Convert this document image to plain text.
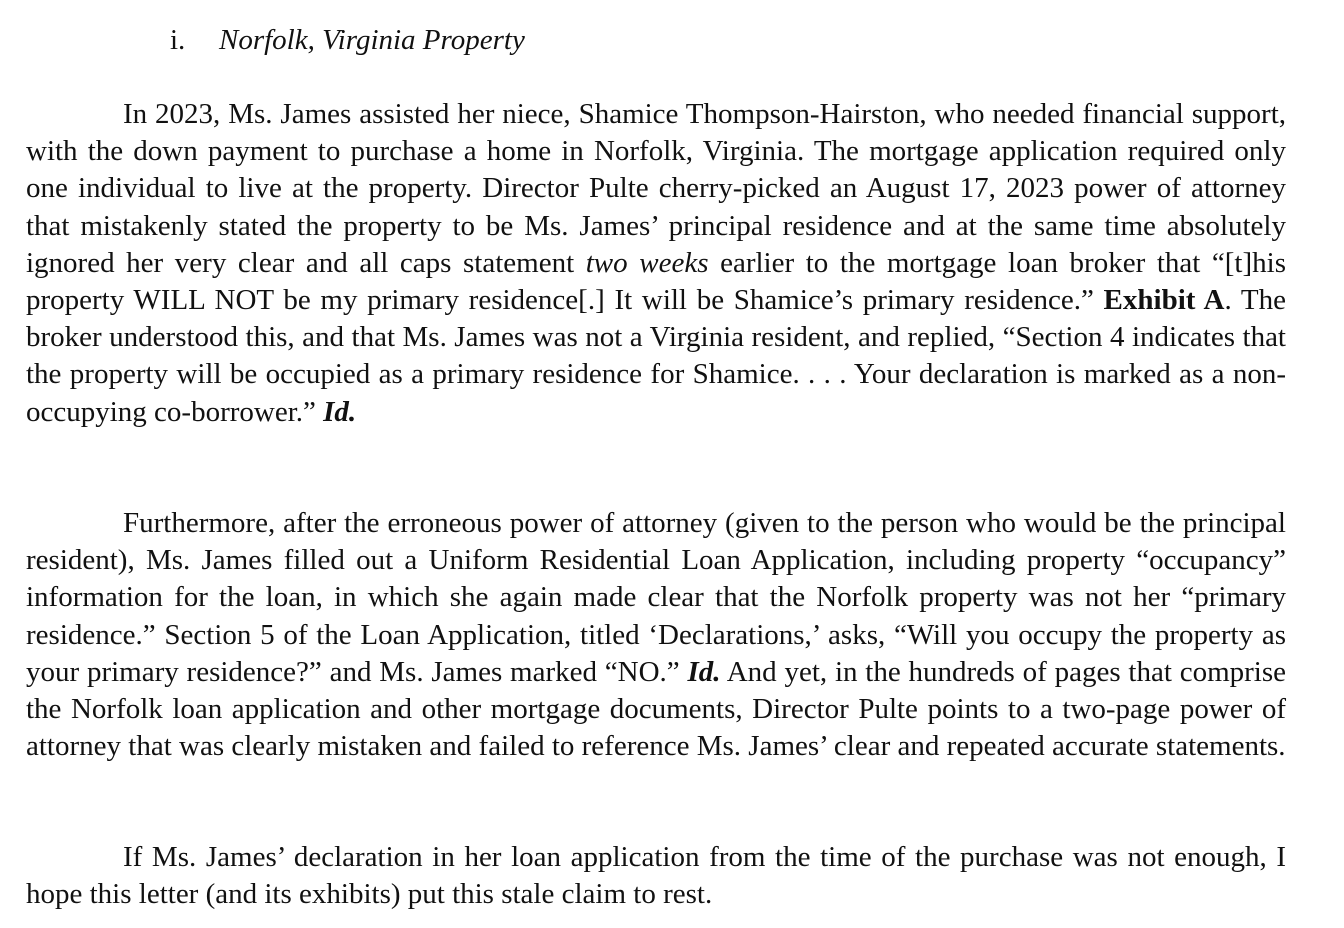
i. Norfolk, Virginia Property

In 2023, Ms. James assisted her niece, Shamice Thompson-Hairston, who needed financial support, with the down payment to purchase a home in Norfolk, Virginia. The mortgage application required only one individual to live at the property. Director Pulte cherry-picked an August 17, 2023 power of attorney that mistakenly stated the property to be Ms. James’ principal residence and at the same time absolutely ignored her very clear and all caps statement two weeks earlier to the mortgage loan broker that “[t]his property WILL NOT be my primary residence[.] It will be Shamice’s primary residence.” Exhibit A. The broker understood this, and that Ms. James was not a Virginia resident, and replied, “Section 4 indicates that the property will be occupied as a primary residence for Shamice. . . . Your declaration is marked as a non-occupying co-borrower.” Id.

Furthermore, after the erroneous power of attorney (given to the person who would be the principal resident), Ms. James filled out a Uniform Residential Loan Application, including property “occupancy” information for the loan, in which she again made clear that the Norfolk property was not her “primary residence.” Section 5 of the Loan Application, titled ‘Declarations,’ asks, “Will you occupy the property as your primary residence?” and Ms. James marked “NO.” Id. And yet, in the hundreds of pages that comprise the Norfolk loan application and other mortgage documents, Director Pulte points to a two-page power of attorney that was clearly mistaken and failed to reference Ms. James’ clear and repeated accurate statements.

If Ms. James’ declaration in her loan application from the time of the purchase was not enough, I hope this letter (and its exhibits) put this stale claim to rest.
